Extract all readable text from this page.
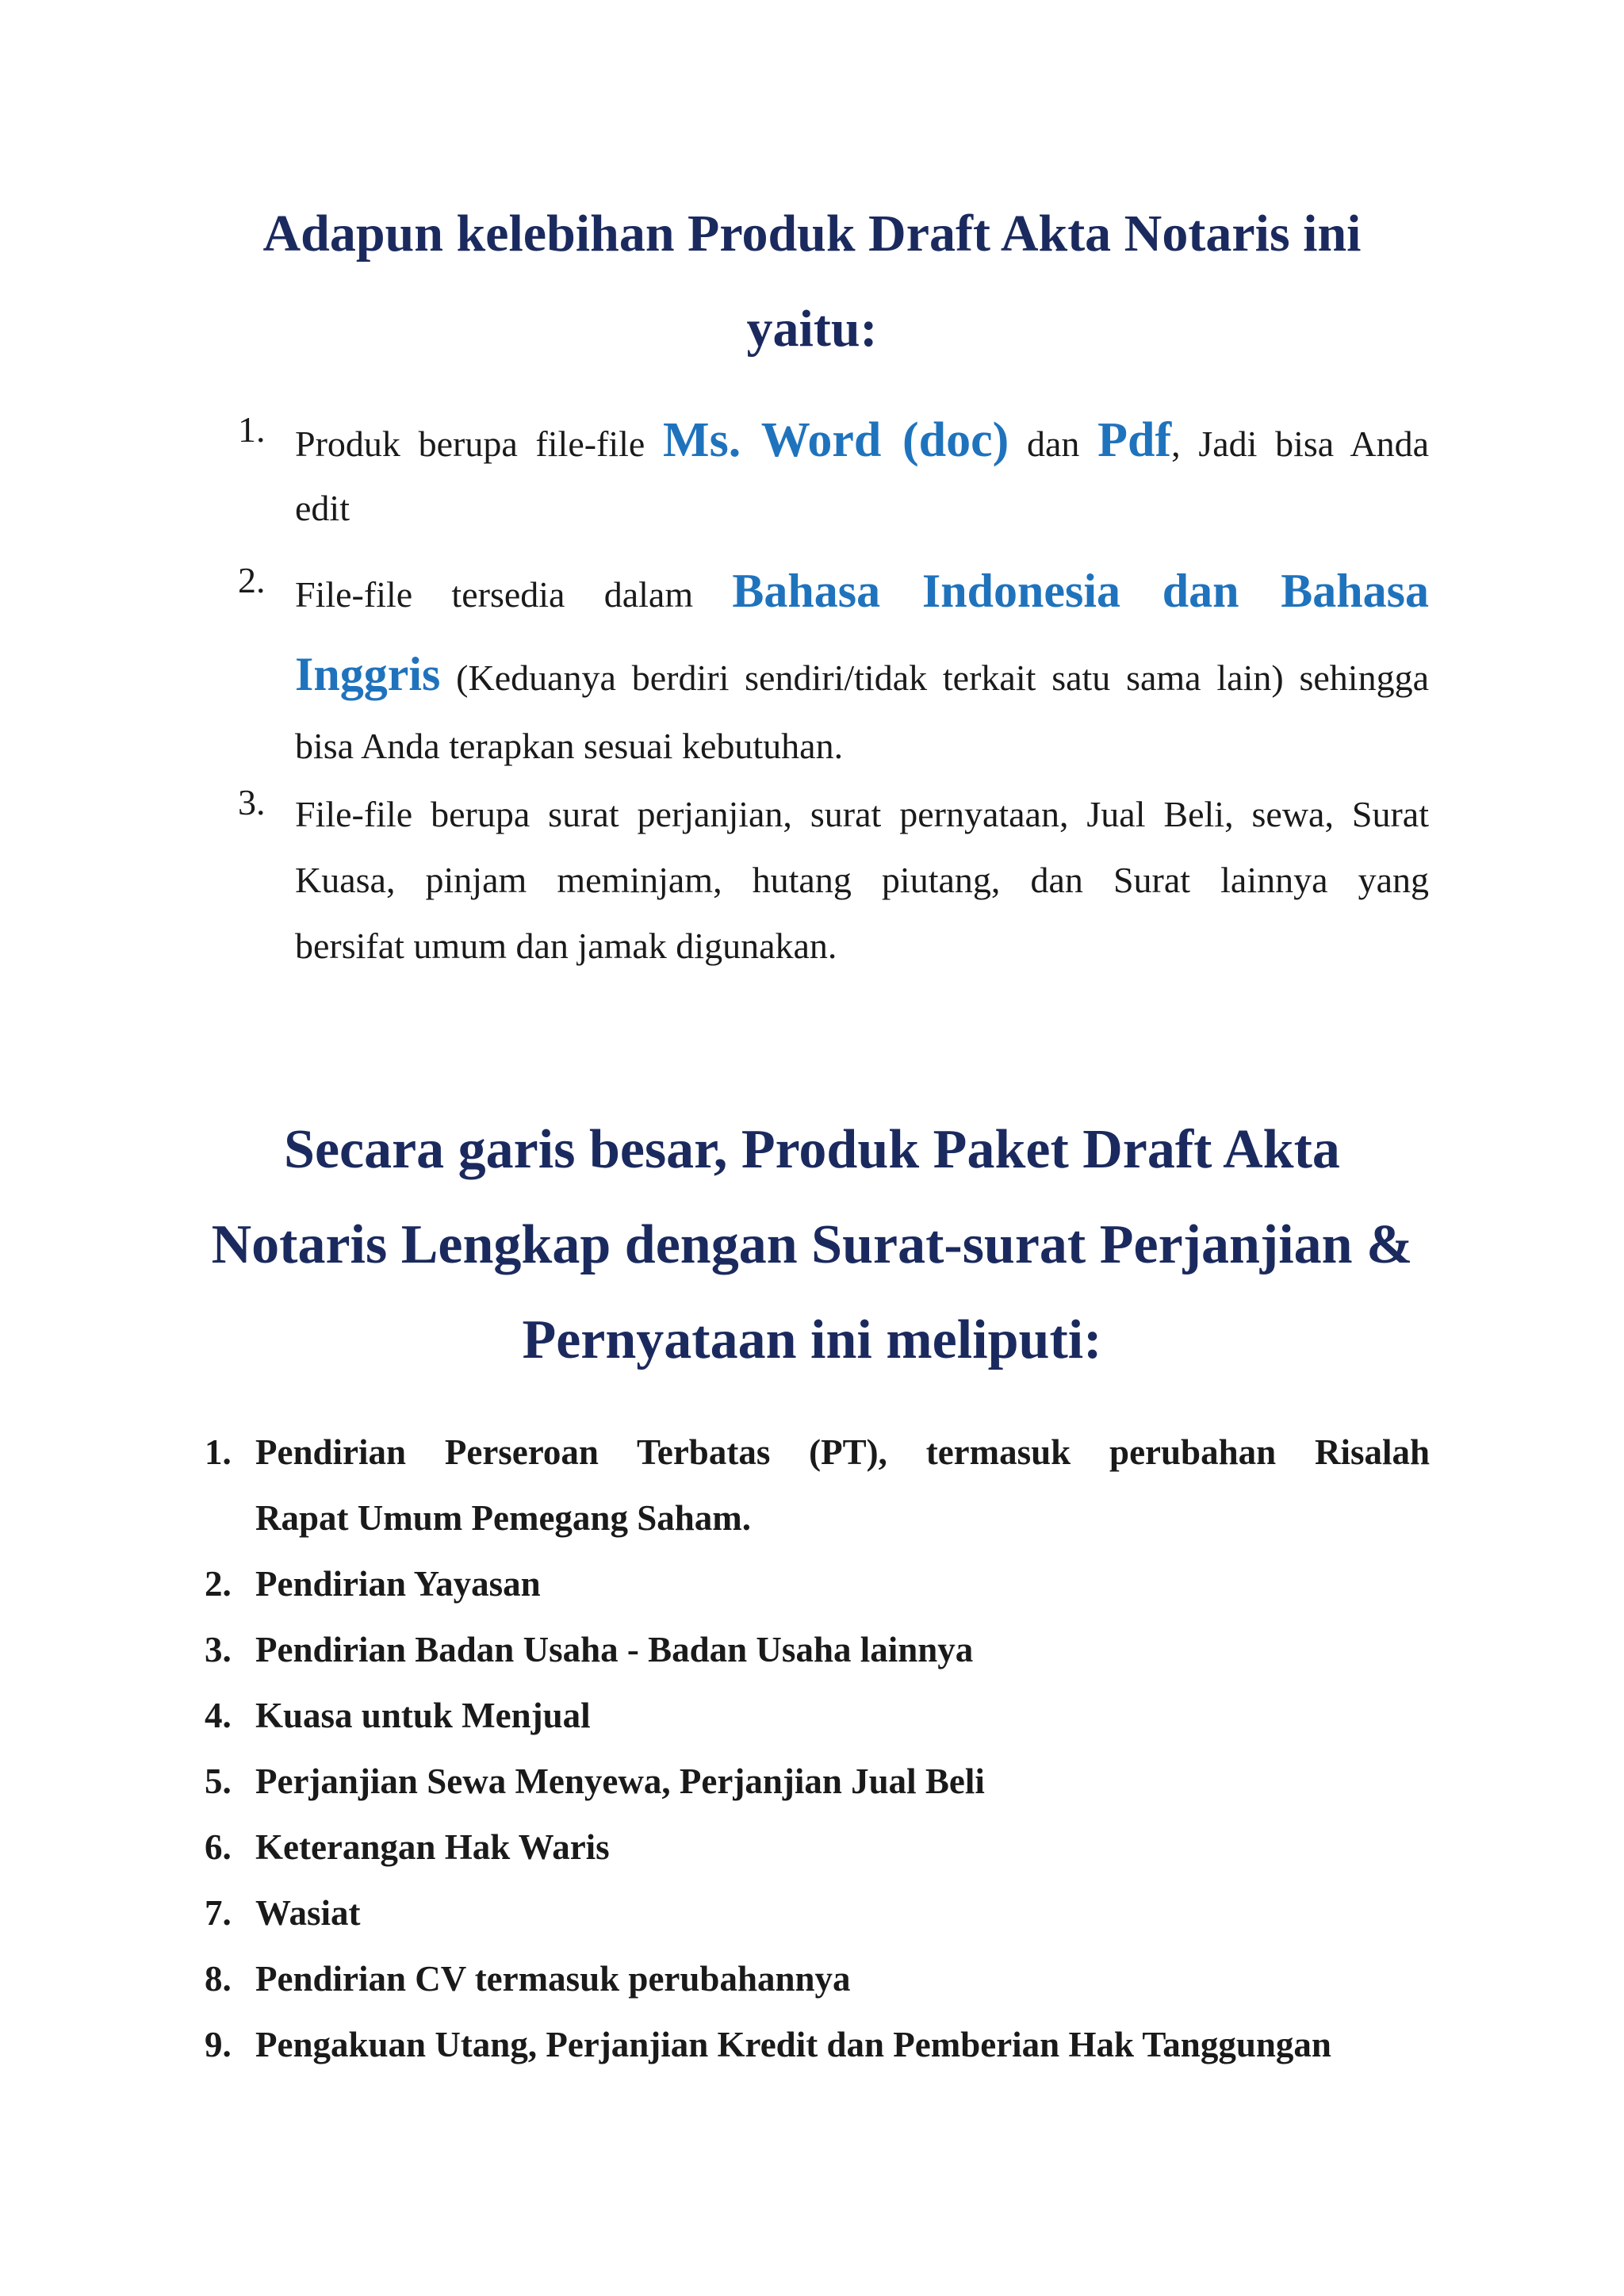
Adapun kelebihan Produk Draft Akta Notaris ini
yaitu:
1. Produk berupa file-file Ms. Word (doc) dan Pdf, Jadi bisa Anda
edit
2. File-file tersedia dalam Bahasa Indonesia dan Bahasa
Inggris (Keduanya berdiri sendiri/tidak terkait satu sama lain) sehingga
bisa Anda terapkan sesuai kebutuhan.
3. File-file berupa surat perjanjian, surat pernyataan, Jual Beli, sewa, Surat
Kuasa, pinjam meminjam, hutang piutang, dan Surat lainnya yang
bersifat umum dan jamak digunakan.
Secara garis besar, Produk Paket Draft Akta
Notaris Lengkap dengan Surat-surat Perjanjian &
Pernyataan ini meliputi:
1. Pendirian Perseroan Terbatas (PT), termasuk perubahan Risalah
Rapat Umum Pemegang Saham.
2. Pendirian Yayasan
3. Pendirian Badan Usaha - Badan Usaha lainnya
4. Kuasa untuk Menjual
5. Perjanjian Sewa Menyewa, Perjanjian Jual Beli
6. Keterangan Hak Waris
7. Wasiat
8. Pendirian CV termasuk perubahannya
9. Pengakuan Utang, Perjanjian Kredit dan Pemberian Hak Tanggungan
